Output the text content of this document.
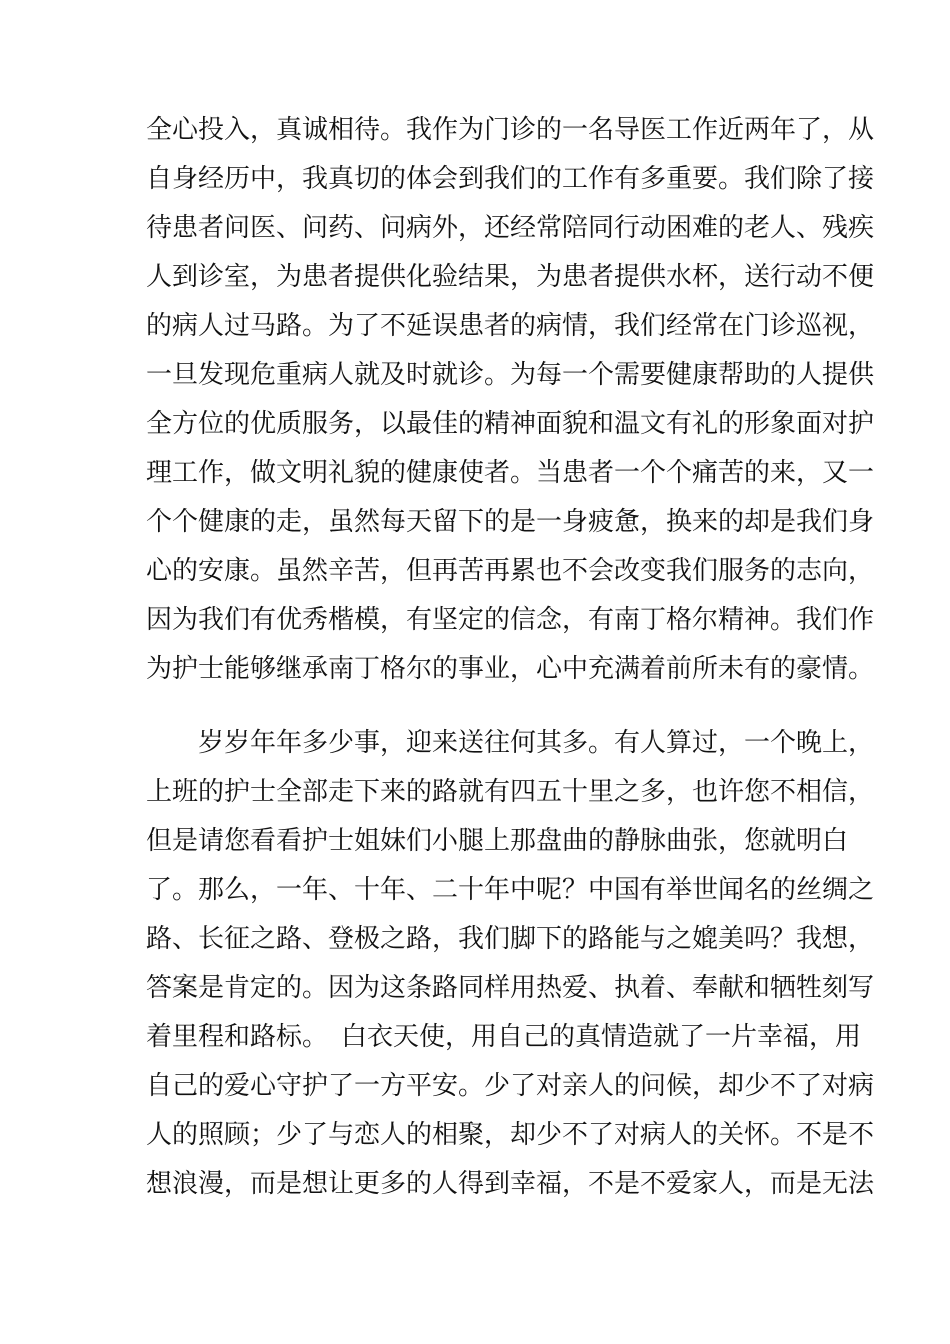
全心投入，真诚相待。我作为门诊的一名导医工作近两年了，从
自身经历中，我真切的体会到我们的工作有多重要。我们除了接
待患者问医、问药、问病外，还经常陪同行动困难的老人、残疾
人到诊室，为患者提供化验结果，为患者提供水杯，送行动不便
的病人过马路。为了不延误患者的病情，我们经常在门诊巡视，
一旦发现危重病人就及时就诊。为每一个需要健康帮助的人提供
全方位的优质服务，以最佳的精神面貌和温文有礼的形象面对护
理工作，做文明礼貌的健康使者。当患者一个个痛苦的来，又一
个个健康的走，虽然每天留下的是一身疲惫，换来的却是我们身
心的安康。虽然辛苦，但再苦再累也不会改变我们服务的志向，
因为我们有优秀楷模，有坚定的信念，有南丁格尔精神。我们作
为护士能够继承南丁格尔的事业，心中充满着前所未有的豪情。
　　岁岁年年多少事，迎来送往何其多。有人算过，一个晚上，
上班的护士全部走下来的路就有四五十里之多，也许您不相信，
但是请您看看护士姐妹们小腿上那盘曲的静脉曲张，您就明白
了。那么，一年、十年、二十年中呢？中国有举世闻名的丝绸之
路、长征之路、登极之路，我们脚下的路能与之媲美吗？我想，
答案是肯定的。因为这条路同样用热爱、执着、奉献和牺牲刻写
着里程和路标。　白衣天使，用自己的真情造就了一片幸福，用
自己的爱心守护了一方平安。少了对亲人的问候，却少不了对病
人的照顾；少了与恋人的相聚，却少不了对病人的关怀。不是不
想浪漫，而是想让更多的人得到幸福，不是不爱家人，而是无法
